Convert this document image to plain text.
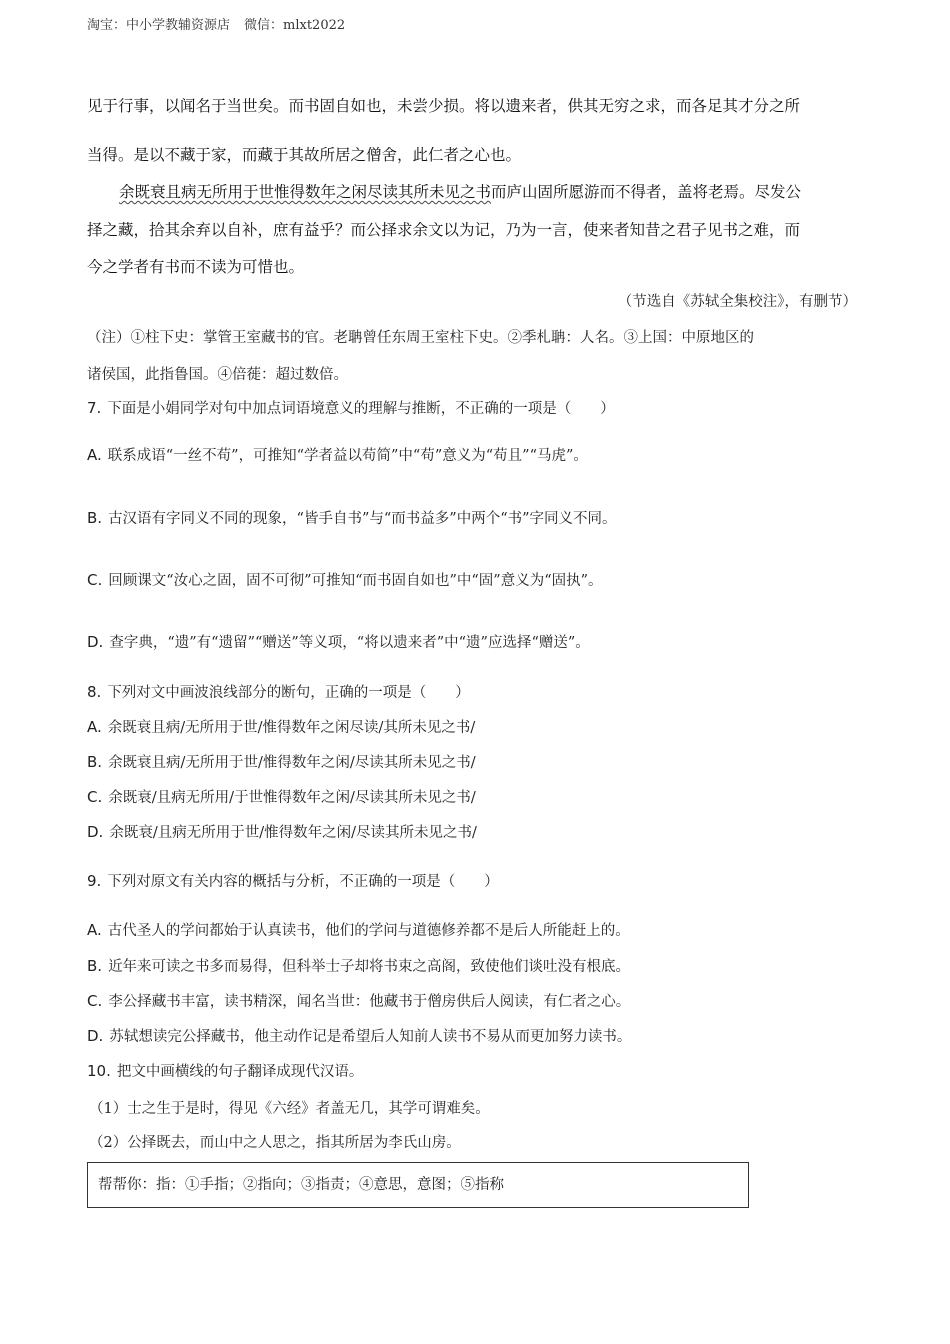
淘宝：中小学教辅资源店 微信：mlxt2022
见于行事，以闻名于当世矣。而书固自如也，未尝少损。将以遗来者，供其无穷之求，而各足其才分之所
当得。是以不藏于家，而藏于其故所居之僧舍，此仁者之心也。
余既衰且病无所用于世惟得数年之闲尽读其所未见之书而庐山固所愿游而不得者，盖将老焉。尽发公
择之藏，拾其余弃以自补，庶有益乎？而公择求余文以为记，乃为一言，使来者知昔之君子见书之难，而
今之学者有书而不读为可惜也。
（节选自《苏轼全集校注》，有删节）
（注）①柱下史：掌管王室藏书的官。老聃曾任东周王室柱下史。②季札聃：人名。③上国：中原地区的
诸侯国，此指鲁国。④倍蓰：超过数倍。
7. 下面是小娟同学对句中加点词语境意义的理解与推断，不正确的一项是（　　）
A. 联系成语“一丝不苟”，可推知“学者益以苟简”中“苟”意义为“苟且”“马虎”。
B. 古汉语有字同义不同的现象，“皆手自书”与“而书益多”中两个“书”字同义不同。
C. 回顾课文“汝心之固，固不可彻”可推知“而书固自如也”中“固”意义为“固执”。
D. 查字典，“遗”有“遗留”“赠送”等义项，“将以遗来者”中“遗”应选择“赠送”。
8. 下列对文中画波浪线部分的断句，正确的一项是（　　）
A. 余既衰且病/无所用于世/惟得数年之闲尽读/其所未见之书/
B. 余既衰且病/无所用于世/惟得数年之闲/尽读其所未见之书/
C. 余既衰/且病无所用/于世惟得数年之闲/尽读其所未见之书/
D. 余既衰/且病无所用于世/惟得数年之闲/尽读其所未见之书/
9. 下列对原文有关内容的概括与分析，不正确的一项是（　　）
A. 古代圣人的学问都始于认真读书，他们的学问与道德修养都不是后人所能赶上的。
B. 近年来可读之书多而易得，但科举士子却将书束之高阁，致使他们谈吐没有根底。
C. 李公择藏书丰富，读书精深，闻名当世：他藏书于僧房供后人阅读，有仁者之心。
D. 苏轼想读完公择藏书，他主动作记是希望后人知前人读书不易从而更加努力读书。
10. 把文中画横线的句子翻译成现代汉语。
（1）士之生于是时，得见《六经》者盖无几，其学可谓难矣。
（2）公择既去，而山中之人思之，指其所居为李氏山房。
帮帮你：指：①手指；②指向；③指责；④意思，意图；⑤指称
